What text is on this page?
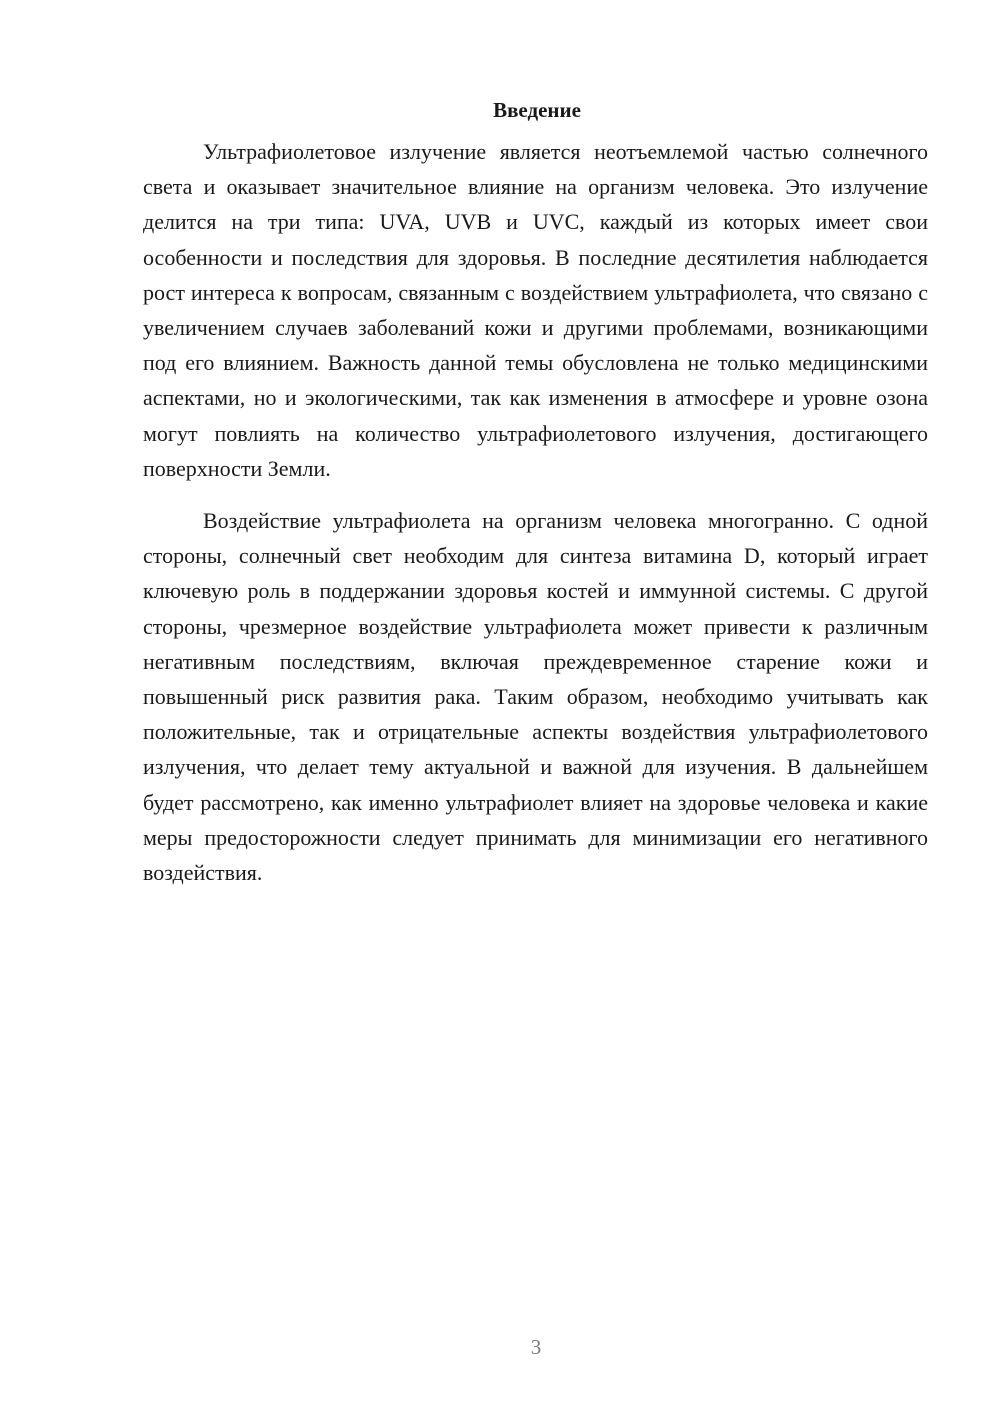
Введение

Ультрафиолетовое излучение является неотъемлемой частью солнечного света и оказывает значительное влияние на организм человека. Это излучение делится на три типа: UVA, UVB и UVC, каждый из которых имеет свои особенности и последствия для здоровья. В последние десятилетия наблюдается рост интереса к вопросам, связанным с воздействием ультрафиолета, что связано с увеличением случаев заболеваний кожи и другими проблемами, возникающими под его влиянием. Важность данной темы обусловлена не только медицинскими аспектами, но и экологическими, так как изменения в атмосфере и уровне озона могут повлиять на количество ультрафиолетового излучения, достигающего поверхности Земли.

Воздействие ультрафиолета на организм человека многогранно. С одной стороны, солнечный свет необходим для синтеза витамина D, который играет ключевую роль в поддержании здоровья костей и иммунной системы. С другой стороны, чрезмерное воздействие ультрафиолета может привести к различным негативным последствиям, включая преждевременное старение кожи и повышенный риск развития рака. Таким образом, необходимо учитывать как положительные, так и отрицательные аспекты воздействия ультрафиолетового излучения, что делает тему актуальной и важной для изучения. В дальнейшем будет рассмотрено, как именно ультрафиолет влияет на здоровье человека и какие меры предосторожности следует принимать для минимизации его негативного воздействия.

3
